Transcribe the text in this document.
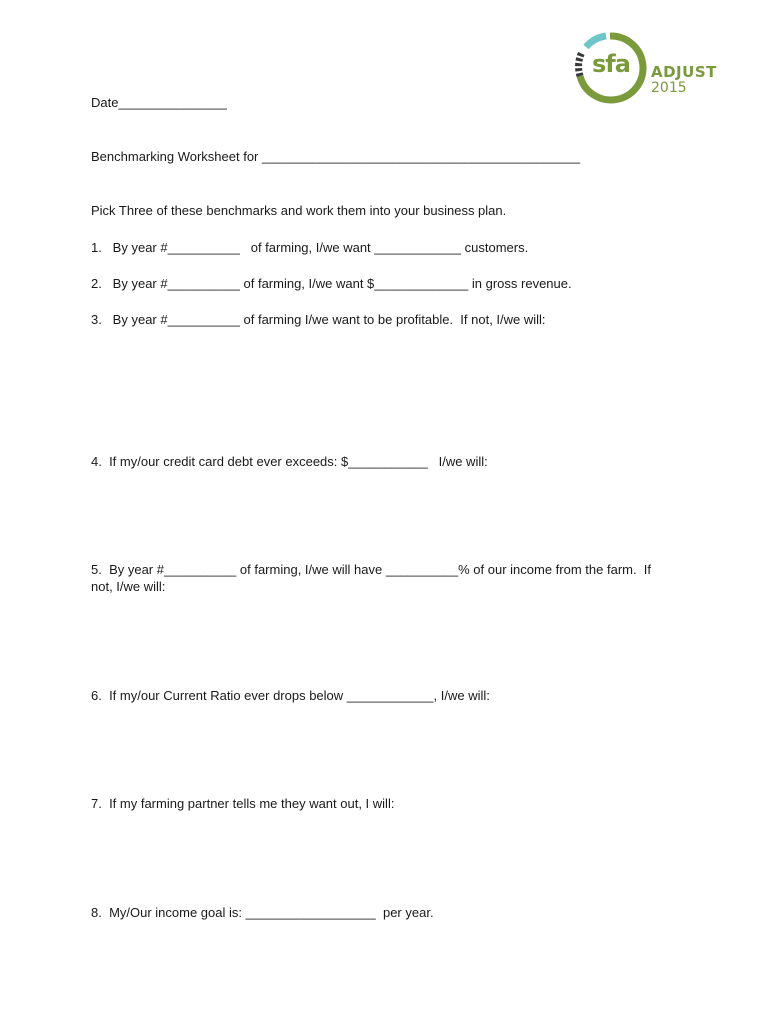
sfa ADJUST
2015
Date_______________
Benchmarking Worksheet for ____________________________________________
Pick Three of these benchmarks and work them into your business plan.
1.   By year #__________   of farming, I/we want ____________ customers.
2.   By year #__________ of farming, I/we want $_____________ in gross revenue.
3.   By year #__________ of farming I/we want to be profitable.  If not, I/we will:
4.  If my/our credit card debt ever exceeds: $___________   I/we will:
5.  By year #__________ of farming, I/we will have __________% of our income from the farm.  If not, I/we will:
6.  If my/our Current Ratio ever drops below ____________, I/we will:
7.  If my farming partner tells me they want out, I will:
8.  My/Our income goal is: __________________  per year.
